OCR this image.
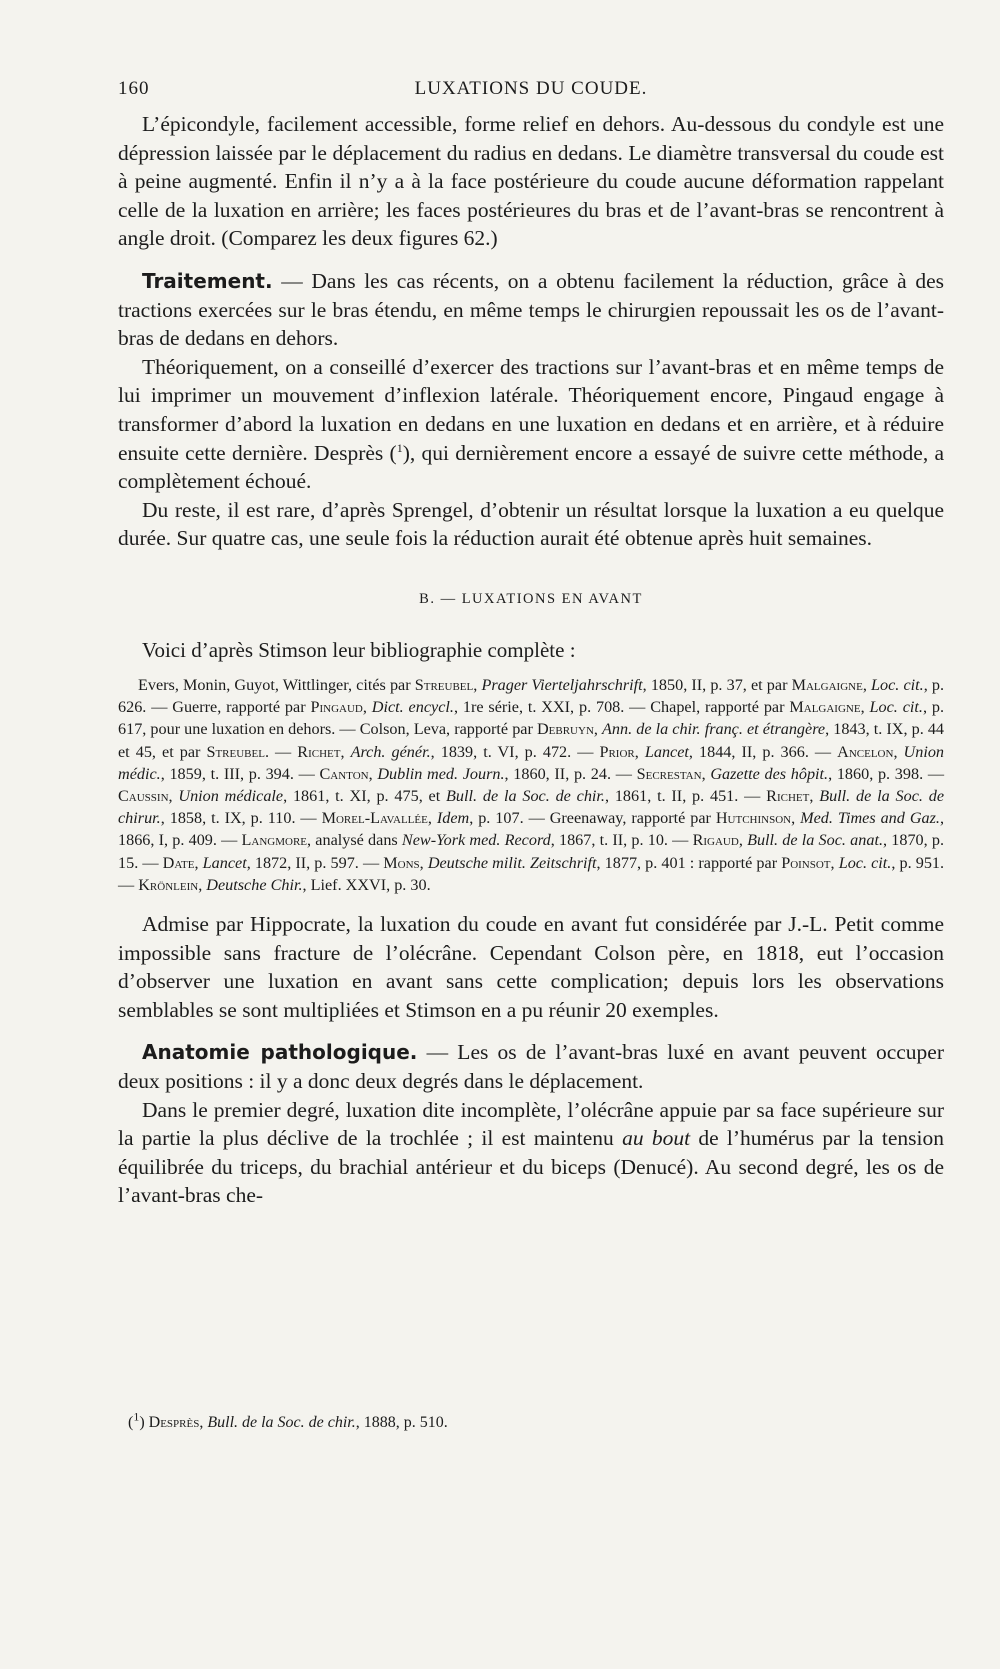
160	LUXATIONS DU COUDE.

L’épicondyle, facilement accessible, forme relief en dehors. Au-dessous du condyle est une dépression laissée par le déplacement du radius en dedans. Le diamètre transversal du coude est à peine augmenté. Enfin il n’y a à la face postérieure du coude aucune déformation rappelant celle de la luxation en arrière; les faces postérieures du bras et de l’avant-bras se rencontrent à angle droit. (Comparez les deux figures 62.)

Traitement. — Dans les cas récents, on a obtenu facilement la réduction, grâce à des tractions exercées sur le bras étendu, en même temps le chirurgien repoussait les os de l’avant-bras de dedans en dehors.

Théoriquement, on a conseillé d’exercer des tractions sur l’avant-bras et en même temps de lui imprimer un mouvement d’inflexion latérale. Théoriquement encore, Pingaud engage à transformer d’abord la luxation en dedans en une luxation en dedans et en arrière, et à réduire ensuite cette dernière. Desprès ($^1$), qui dernièrement encore a essayé de suivre cette méthode, a complètement échoué.

Du reste, il est rare, d’après Sprengel, d’obtenir un résultat lorsque la luxation a eu quelque durée. Sur quatre cas, une seule fois la réduction aurait été obtenue après huit semaines.

B. — LUXATIONS EN AVANT

Voici d’après Stimson leur bibliographie complète :

Evers, Monin, Guyot, Wittlinger, cités par Streubel, Prager Vierteljahrschrift, 1850, II, p. 37, et par Malgaigne, Loc. cit., p. 626. — Guerre, rapporté par Pingaud, Dict. encycl., 1re série, t. XXI, p. 708. — Chapel, rapporté par Malgaigne, Loc. cit., p. 617, pour une luxation en dehors. — Colson, Leva, rapporté par Debruyn, Ann. de la chir. franç. et étrangère, 1843, t. IX, p. 44 et 45, et par Streubel. — Richet, Arch. génér., 1839, t. VI, p. 472. — Prior, Lancet, 1844, II, p. 366. — Ancelon, Union médic., 1859, t. III, p. 394. — Canton, Dublin med. Journ., 1860, II, p. 24. — Secrestan, Gazette des hôpit., 1860, p. 398. — Caussin, Union médicale, 1861, t. XI, p. 475, et Bull. de la Soc. de chir., 1861, t. II, p. 451. — Richet, Bull. de la Soc. de chirur., 1858, t. IX, p. 110. — Morel-Lavallée, Idem, p. 107. — Greenaway, rapporté par Hutchinson, Med. Times and Gaz., 1866, I, p. 409. — Langmore, analysé dans New-York med. Record, 1867, t. II, p. 10. — Rigaud, Bull. de la Soc. anat., 1870, p. 15. — Date, Lancet, 1872, II, p. 597. — Mons, Deutsche milit. Zeitschrift, 1877, p. 401 : rapporté par Poinsot, Loc. cit., p. 951. — Krönlein, Deutsche Chir., Lief. XXVI, p. 30.

Admise par Hippocrate, la luxation du coude en avant fut considérée par J.-L. Petit comme impossible sans fracture de l’olécrâne. Cependant Colson père, en 1818, eut l’occasion d’observer une luxation en avant sans cette complication; depuis lors les observations semblables se sont multipliées et Stimson en a pu réunir 20 exemples.

Anatomie pathologique. — Les os de l’avant-bras luxé en avant peuvent occuper deux positions : il y a donc deux degrés dans le déplacement.

Dans le premier degré, luxation dite incomplète, l’olécrâne appuie par sa face supérieure sur la partie la plus déclive de la trochlée ; il est maintenu au bout de l’humérus par la tension équilibrée du triceps, du brachial antérieur et du biceps (Denucé). Au second degré, les os de l’avant-bras che-

($^1$) Desprès, Bull. de la Soc. de chir., 1888, p. 510.
